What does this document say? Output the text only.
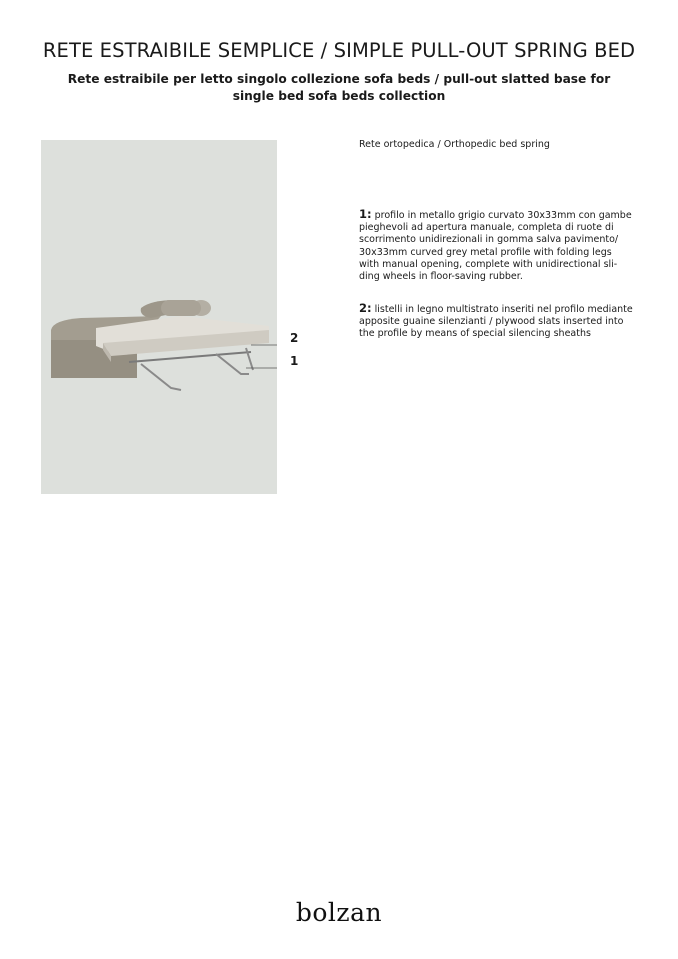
RETE ESTRAIBILE SEMPLICE / SIMPLE PULL-OUT SPRING BED

Rete estraibile per letto singolo collezione sofa beds / pull-out slatted base for
single bed sofa beds collection

2
1

Rete ortopedica / Orthopedic bed spring

1: profilo in metallo grigio curvato 30x33mm con gambe
pieghevoli ad apertura manuale, completa di ruote di
scorrimento unidirezionali in gomma salva pavimento/
30x33mm curved grey metal profile with folding legs
with manual opening, complete with unidirectional sli-
ding wheels in floor-saving rubber.

2: listelli in legno multistrato inseriti nel profilo mediante
apposite guaine silenzianti / plywood slats inserted into
the profile by means of special silencing sheaths

bolzan
